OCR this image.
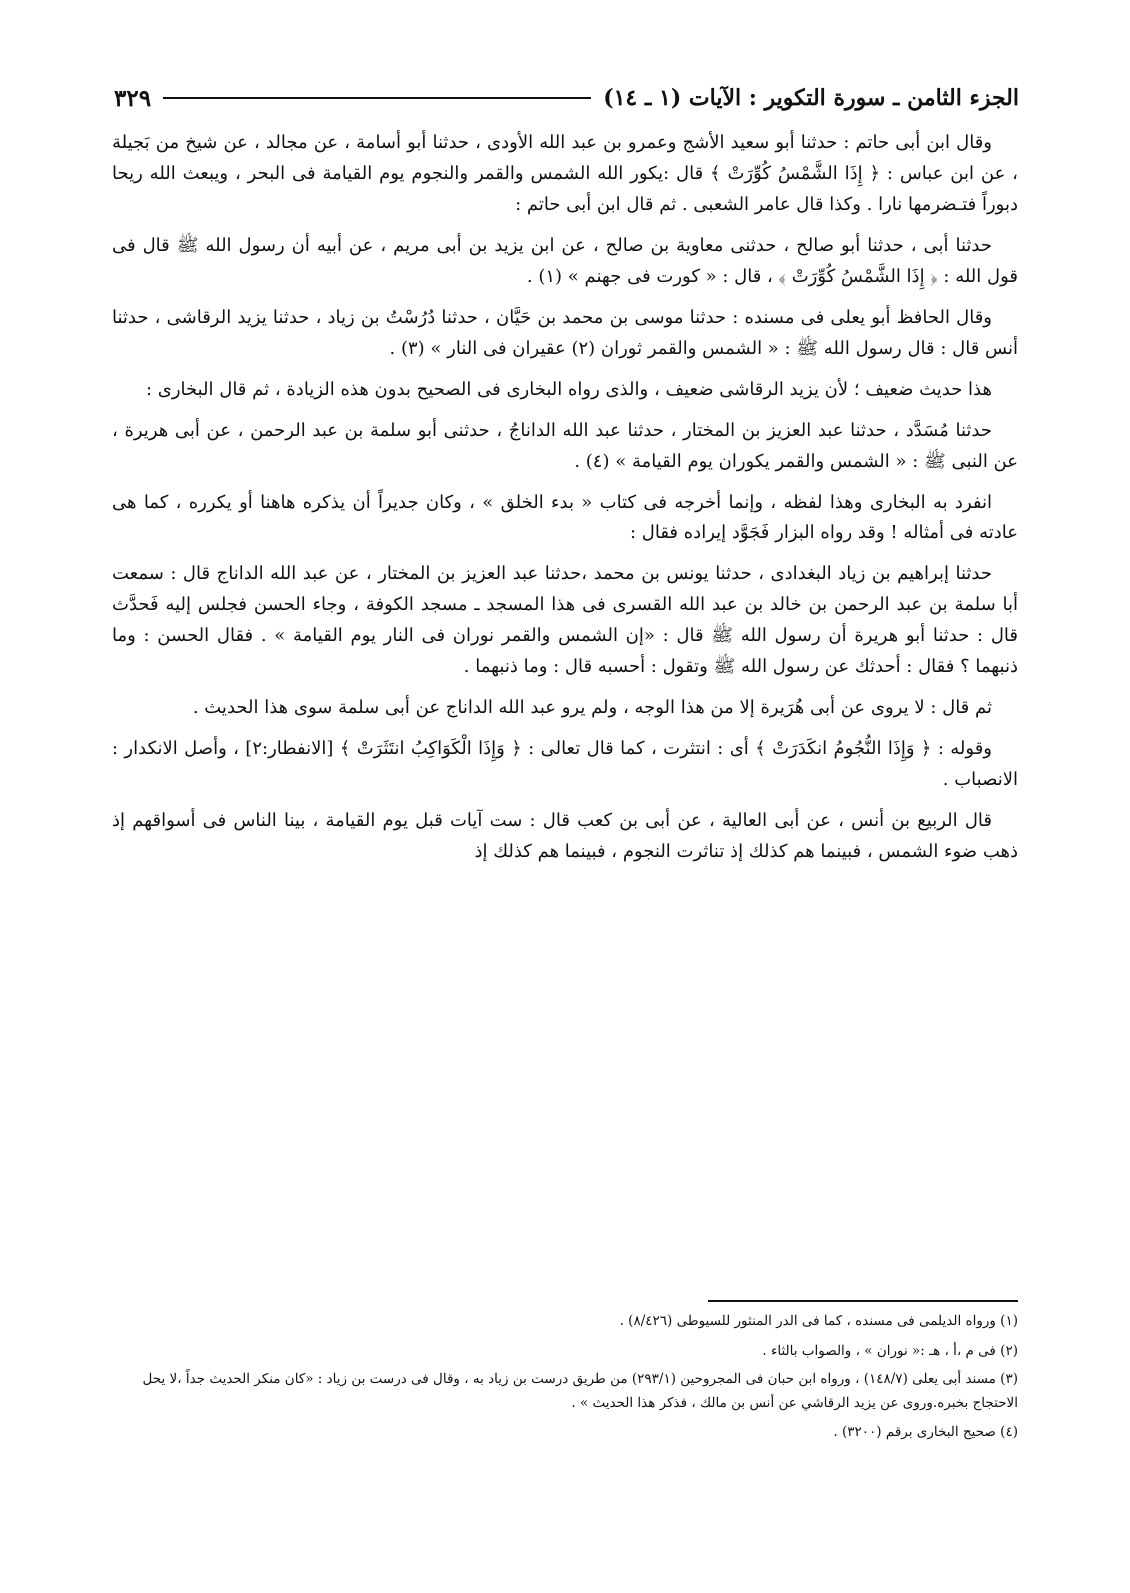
الجزء الثامن ـ سورة التكوير : الآيات (١ ـ ١٤)
٣٢٩

وقال ابن أبى حاتم : حدثنا أبو سعيد الأشج وعمرو بن عبد الله الأودى ، حدثنا أبو أسامة ، عن مجالد ، عن شيخ من بَجيلة ، عن ابن عباس : ﴿ إِذَا الشَّمْسُ كُوِّرَتْ ﴾ قال :يكور الله الشمس والقمر والنجوم يوم القيامة فى البحر ، ويبعث الله ريحا دبوراً فتـضرمها نارا . وكذا قال عامر الشعبى . ثم قال ابن أبى حاتم :

حدثنا أبى ، حدثنا أبو صالح ، حدثنى معاوية بن صالح ، عن ابن يزيد بن أبى مريم ، عن أبيه أن رسول الله ﷺ قال فى قول الله : ﴿ إِذَا الشَّمْسُ كُوِّرَتْ ﴾ ، قال : « كورت فى جهنم » (١) .

وقال الحافظ أبو يعلى فى مسنده : حدثنا موسى بن محمد بن حَيَّان ، حدثنا دُرُسْتُ بن زياد ، حدثنا يزيد الرقاشى ، حدثنا أنس قال : قال رسول الله ﷺ : « الشمس والقمر ثوران (٢) عقيران فى النار » (٣) .

هذا حديث ضعيف ؛ لأن يزيد الرقاشى ضعيف ، والذى رواه البخارى فى الصحيح بدون هذه الزيادة ، ثم قال البخارى :

حدثنا مُسَدَّد ، حدثنا عبد العزيز بن المختار ، حدثنا عبد الله الداناجُ ، حدثنى أبو سلمة بن عبد الرحمن ، عن أبى هريرة ، عن النبى ﷺ : « الشمس والقمر يكوران يوم القيامة » (٤) .

انفرد به البخارى وهذا لفظه ، وإنما أخرجه فى كتاب « بدء الخلق » ، وكان جديراً أن يذكره هاهنا أو يكرره ، كما هى عادته فى أمثاله ! وقد رواه البزار فَجَوَّد إيراده فقال :

حدثنا إبراهيم بن زياد البغدادى ، حدثنا يونس بن محمد ،حدثنا عبد العزيز بن المختار ، عن عبد الله الداناج قال : سمعت أبا سلمة بن عبد الرحمن بن خالد بن عبد الله القسرى فى هذا المسجد ـ مسجد الكوفة ، وجاء الحسن فجلس إليه فَحدَّث قال : حدثنا أبو هريرة أن رسول الله ﷺ قال : «إن الشمس والقمر نوران فى النار يوم القيامة » . فقال الحسن : وما ذنبهما ؟ فقال : أحدثك عن رسول الله ﷺ وتقول : أحسبه قال : وما ذنبهما .

ثم قال : لا يروى عن أبى هُرَيرة إلا من هذا الوجه ، ولم يرو عبد الله الداناج عن أبى سلمة سوى هذا الحديث .

وقوله : ﴿ وَإِذَا النُّجُومُ انكَدَرَتْ ﴾ أى : انتثرت ، كما قال تعالى : ﴿ وَإِذَا الْكَوَاكِبُ انتَثَرَتْ ﴾ [الانفطار:٢] ، وأصل الانكدار : الانصباب .

قال الربيع بن أنس ، عن أبى العالية ، عن أبى بن كعب قال : ست آيات قبل يوم القيامة ، بينا الناس فى أسواقهم إذ ذهب ضوء الشمس ، فبينما هم كذلك إذ تناثرت النجوم ، فبينما هم كذلك إذ

(١) ورواه الديلمى فى مسنده ، كما فى الدر المنثور للسيوطى (٨/٤٢٦) .

(٢) فى م ،أ ، هـ :« نوران » ، والصواب بالثاء .

(٣) مسند أبى يعلى (١٤٨/٧) ، ورواه ابن حبان فى المجروحين (٢٩٣/١) من طريق درست بن زياد به ، وقال فى درست بن زياد : «كان منكر الحديث جداً ،لا يحل الاحتجاج بخبره.وروى عن يزيد الرقاشي عن أنس بن مالك ، فذكر هذا الحديث » .

(٤) صحيح البخارى برقم (٣٢٠٠) .
